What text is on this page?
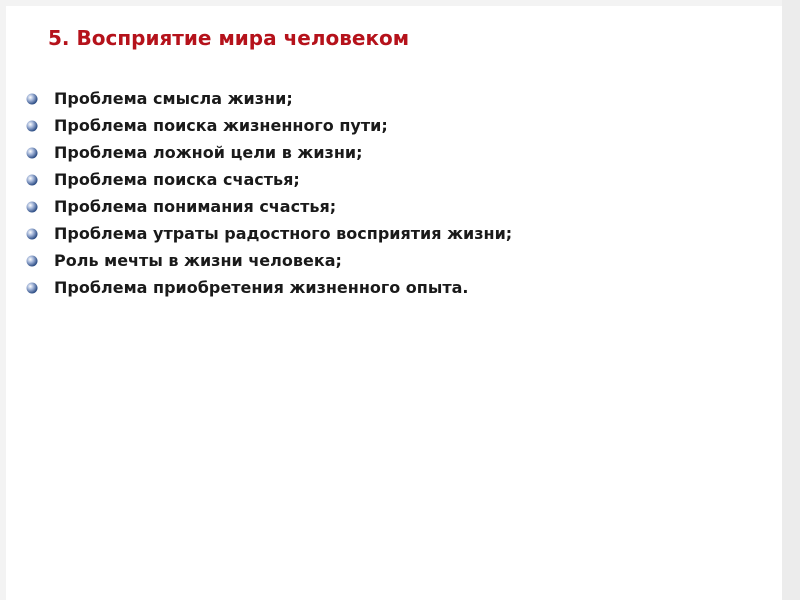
5. Восприятие мира человеком
Проблема смысла жизни;
Проблема поиска жизненного пути;
Проблема ложной цели в жизни;
Проблема поиска счастья;
Проблема понимания счастья;
Проблема утраты радостного восприятия жизни;
Роль мечты в жизни человека;
Проблема приобретения жизненного опыта.
